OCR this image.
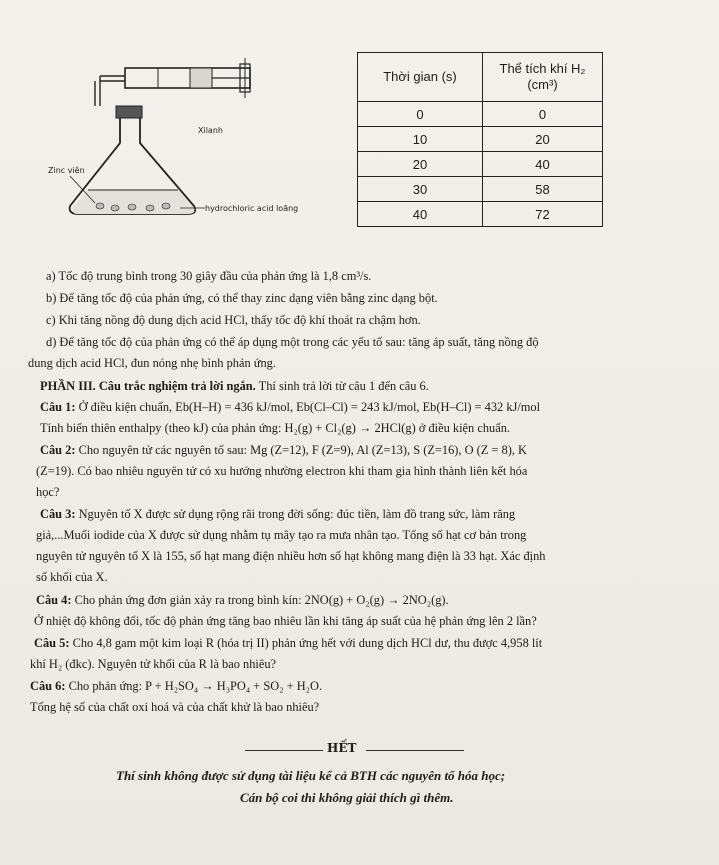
Xilanh
Zinc viên
hydrochloric acid loãng
Thời gian (s)	Thể tích khí H₂
(cm³)
0	0
10	20
20	40
30	58
40	72
a) Tốc độ trung bình trong 30 giây đầu của phản ứng là 1,8 cm³/s.
b) Để tăng tốc độ của phản ứng, có thể thay zinc dạng viên bằng zinc dạng bột.
c) Khi tăng nồng độ dung dịch acid HCl, thấy tốc độ khí thoát ra chậm hơn.
d) Để tăng tốc độ của phản ứng có thể áp dụng một trong các yếu tố sau: tăng áp suất, tăng nồng độ
dung dịch acid HCl, đun nóng nhẹ bình phản ứng.
PHẦN III. Câu trắc nghiệm trả lời ngắn. Thí sinh trả lời từ câu 1 đến câu 6.
Câu 1: Ở điều kiện chuẩn, Eb(H–H) = 436 kJ/mol, Eb(Cl–Cl) = 243 kJ/mol, Eb(H–Cl) = 432 kJ/mol
Tính biến thiên enthalpy (theo kJ) của phản ứng: H₂(g) + Cl₂(g) → 2HCl(g) ở điều kiện chuẩn.
Câu 2: Cho nguyên tử các nguyên tố sau: Mg (Z=12), F (Z=9), Al (Z=13), S (Z=16), O (Z = 8), K
(Z=19). Có bao nhiêu nguyên tử có xu hướng nhường electron khi tham gia hình thành liên kết hóa
học?
Câu 3: Nguyên tố X được sử dụng rộng rãi trong đời sống: đúc tiền, làm đồ trang sức, làm răng
giả,...Muối iodide của X được sử dụng nhằm tụ mây tạo ra mưa nhân tạo. Tổng số hạt cơ bản trong
nguyên tử nguyên tố X là 155, số hạt mang điện nhiều hơn số hạt không mang điện là 33 hạt. Xác định
số khối của X.
Câu 4: Cho phản ứng đơn giản xảy ra trong bình kín: 2NO(g) + O₂(g) → 2NO₂(g).
Ở nhiệt độ không đổi, tốc độ phản ứng tăng bao nhiêu lần khi tăng áp suất của hệ phản ứng lên 2 lần?
Câu 5: Cho 4,8 gam một kim loại R (hóa trị II) phản ứng hết với dung dịch HCl dư, thu được 4,958 lít
khí H₂ (đkc). Nguyên tử khối của R là bao nhiêu?
Câu 6: Cho phản ứng: P + H₂SO₄ → H₃PO₄ + SO₂ + H₂O.
Tổng hệ số của chất oxi hoá và của chất khử là bao nhiêu?
HẾT
Thí sinh không được sử dụng tài liệu kể cả BTH các nguyên tố hóa học;
Cán bộ coi thi không giải thích gì thêm.
